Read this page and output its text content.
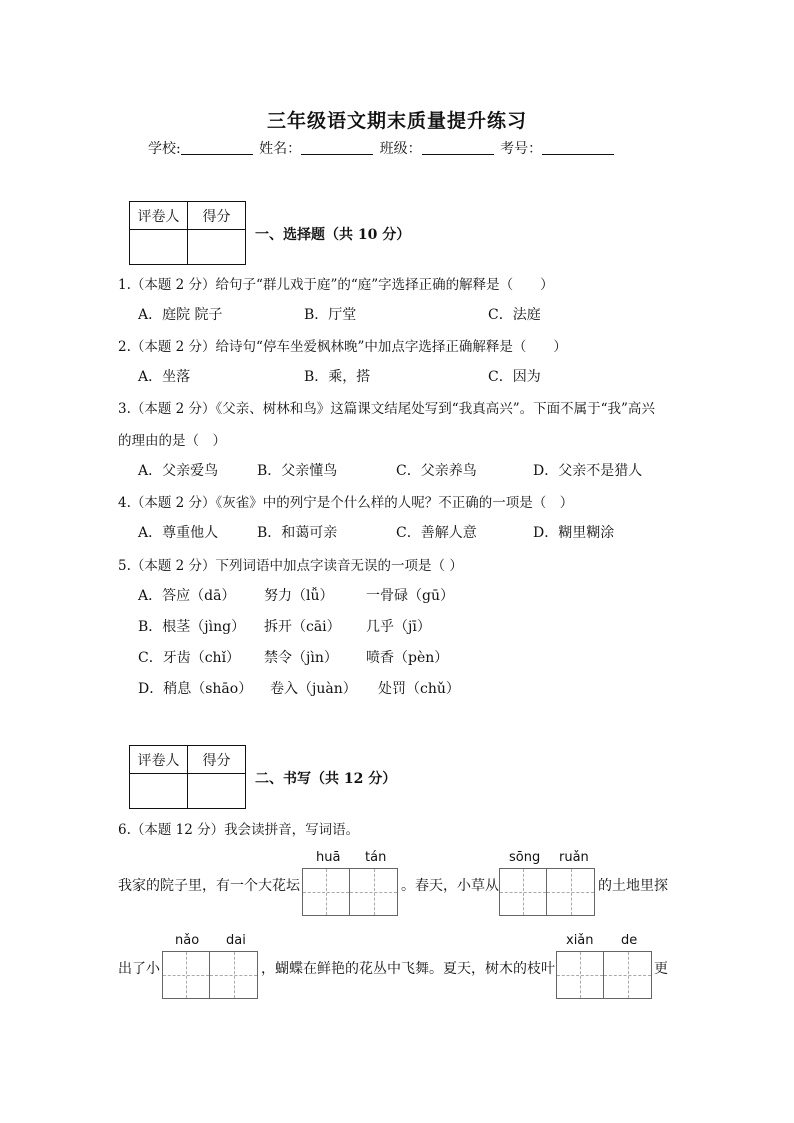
三年级语文期末质量提升练习
学校:	姓名：	班级：	考号：
评卷人	得分

一、选择题（共 10 分）
1.（本题 2 分）给句子“群儿戏于庭”的“庭”字选择正确的解释是（　　）
A．庭院 院子	B．厅堂	C．法庭
2.（本题 2 分）给诗句“停车坐爱枫林晚”中加点字选择正确解释是（　　）
A．坐落	B．乘，搭	C．因为
3.（本题 2 分）《父亲、树林和鸟》这篇课文结尾处写到“我真高兴”。下面不属于“我”高兴
的理由的是（　）
A．父亲爱鸟	B．父亲懂鸟	C．父亲养鸟	D．父亲不是猎人
4.（本题 2 分）《灰雀》中的列宁是个什么样的人呢？不正确的一项是（　）
A．尊重他人	B．和蔼可亲	C．善解人意	D．糊里糊涂
5.（本题 2 分）下列词语中加点字读音无误的一项是（ ）
A．答应（dā） 努力（lǚ） 一骨碌（gū）
B．根茎（jìng） 拆开（cāi） 几乎（jī）
C．牙齿（chǐ） 禁令（jìn） 喷香（pèn）
D．稍息（shāo） 卷入（juàn） 处罚（chǔ）
评卷人	得分

二、书写（共 12 分）
6.（本题 12 分）我会读拼音，写词语。
huā tán	sōng ruǎn
我家的院子里，有一个大花坛	。春天，小草从	的土地里探
nǎo dai	xiǎn de
出了小	，蝴蝶在鲜艳的花丛中飞舞。夏天，树木的枝叶	更
